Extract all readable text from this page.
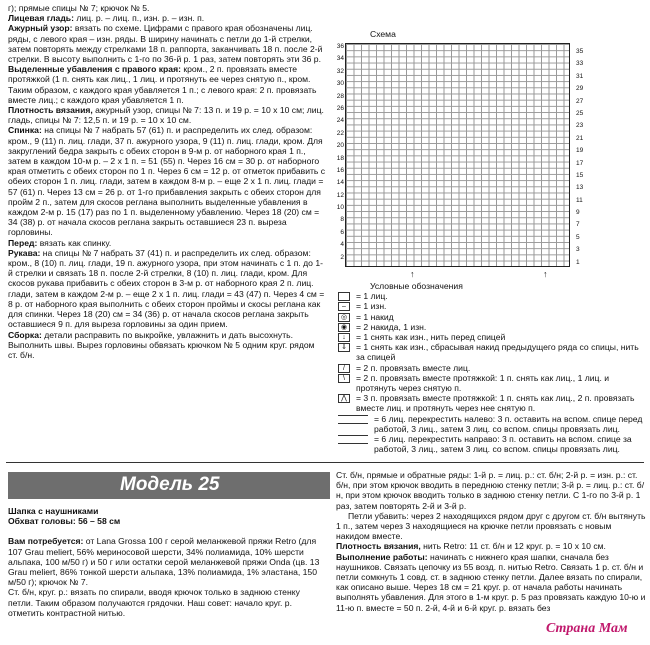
г); прямые спицы № 7; крючок № 5.
Лицевая гладь: лиц. р. – лиц. п., изн. р. – изн. п.
Ажурный узор: вязать по схеме. Цифрами с правого края обозначены лиц. ряды, с левого края – изн. ряды. В ширину начинать с петли до 1-й стрелки, затем повторять между стрелками 18 п. раппорта, заканчивать 18 п. после 2-й стрелки. В высоту выполнить с 1-го по 36-й р. 1 раз, затем повторять эти 36 р.
Выделенные убавления с правого края: кром., 2 п. провязать вместе протяжкой (1 п. снять как лиц., 1 лиц. и протянуть ее через снятую п., кром. Таким образом, с каждого края убавляется 1 п.; с левого края: 2 п. провязать вместе лиц.; с каждого края убавляется 1 п.
Плотность вязания, ажурный узор, спицы № 7: 13 п. и 19 р. = 10 х 10 см; лиц. гладь, спицы № 7: 12,5 п. и 19 р. = 10 х 10 см.
Спинка: на спицы № 7 набрать 57 (61) п. и распределить их след. образом: кром., 9 (11) п. лиц. глади, 37 п. ажурного узора, 9 (11) п. лиц. глади, кром. Для закруглений бедра закрыть с обеих сторон в 9-м р. от наборного края 1 п., затем в каждом 10-м р. – 2 х 1 п. = 51 (55) п. Через 16 см = 30 р. от наборного края отметить с обеих сторон по 1 п. Через 6 см = 12 р. от отметок прибавить с обеих сторон 1 п. лиц. глади, затем в каждом 8-м р. – еще 2 х 1 п. лиц. глади = 57 (61) п. Через 13 см = 26 р. от 1-го прибавления закрыть с обеих сторон для пройм 2 п., затем для скосов реглана выполнить выделенные убавления в каждом 2-м р. 15 (17) раз по 1 п. выделенному убавлению. Через 18 (20) см = 34 (38) р. от начала скосов реглана закрыть оставшиеся 23 п. выреза горловины.
Перед: вязать как спинку.
Рукава: на спицы № 7 набрать 37 (41) п. и распределить их след. образом: кром., 8 (10) п. лиц. глади, 19 п. ажурного узора, при этом начинать с 1 п. до 1-й стрелки и связать 18 п. после 2-й стрелки, 8 (10) п. лиц. глади, кром. Для скосов рукава прибавить с обеих сторон в 3-м р. от наборного края 2 п. лиц. глади, затем в каждом 2-м р. – еще 2 х 1 п. лиц. глади = 43 (47) п. Через 4 см = 8 р. от наборного края выполнить с обеих сторон проймы и скосы реглана как для спинки. Через 18 (20) см = 34 (36) р. от начала скосов реглана закрыть оставшиеся 9 п. для выреза горловины за один прием.
Сборка: детали расправить по выкройке, увлажнить и дать высохнуть. Выполнить швы. Вырез горловины обвязать крючком № 5 одним круг. рядом ст. б/н.
Схема
36
34
32
30
28
26
24
22
20
18
16
14
12
10
8
6
4
2
35
33
31
29
27
25
23
21
19
17
15
13
11
9
7
5
3
1
↑	↑
Условные обозначения
= 1 лиц.
–	= 1 изн.
◎	= 1 накид
◉	= 2 накида, 1 изн.
↓	= 1 снять как изн., нить перед спицей
⇓	= 1 снять как изн., сбрасывая накид предыдущего ряда со спицы, нить за спицей
/	= 2 п. провязать вместе лиц.
\	= 2 п. провязать вместе протяжкой: 1 п. снять как лиц., 1 лиц. и протянуть через снятую п.
⋀	= 3 п. провязать вместе протяжкой: 1 п. снять как лиц., 2 п. провязать вместе лиц. и протянуть через нее снятую п.
= 6 лиц. перекрестить налево: 3 п. оставить на вспом. спице перед работой, 3 лиц., затем 3 лиц. со вспом. спицы провязать лиц.
= 6 лиц. перекрестить направо: 3 п. оставить на вспом. спице за работой, 3 лиц., затем 3 лиц. со вспом. спицы провязать лиц.
Модель 25
Шапка с наушниками
Обхват головы: 56 – 58 см
Вам потребуется: от Lana Grossa 100 г серой меланжевой пряжи Retro (для 107 Grau meliert, 56% мериносовой шерсти, 34% полиамида, 10% шерсти альпака, 100 м/50 г) и 50 г или остатки серой меланжевой пряжи Onda (цв. 13 Grau meliert, 86% тонкой шерсти альпака, 13% полиамида, 1% эластана, 150 м/50 г); крючок № 7.
Ст. б/н, круг. р.: вязать по спирали, вводя крючок только в заднюю стенку петли. Таким образом получаются грядочки. Наш совет: начало круг. р. отметить контрастной нитью.
Ст. б/н, прямые и обратные ряды: 1-й р. = лиц. р.: ст. б/н; 2-й р. = изн. р.: ст. б/н, при этом крючок вводить в переднюю стенку петли; 3-й р. = лиц. р.: ст. б/н, при этом крючок вводить только в заднюю стенку петли. С 1-го по 3-й р. 1 раз, затем повторять 2-й и 3-й р.
Петли убавить: через 2 находящихся рядом друг с другом ст. б/н вытянуть 1 п., затем через 3 находящиеся на крючке петли провязать с новым накидом вместе.
Плотность вязания, нить Retro: 11 ст. б/н и 12 круг. р. = 10 х 10 см.
Выполнение работы: начинать с нижнего края шапки, сначала без наушников. Связать цепочку из 55 возд. п. нитью Retro. Связать 1 р. ст. б/н и петли сомкнуть 1 совд. ст. в заднюю стенку петли. Далее вязать по спирали, как описано выше. Через 18 см = 21 круг. р. от начала работы начинать выполнять убавления. Для этого в 1-м круг. р. 5 раз провязать каждую 10-ю и 11-ю п. вместе = 50 п. 2-й, 4-й и 6-й круг. р. вязать без
Страна Мам
